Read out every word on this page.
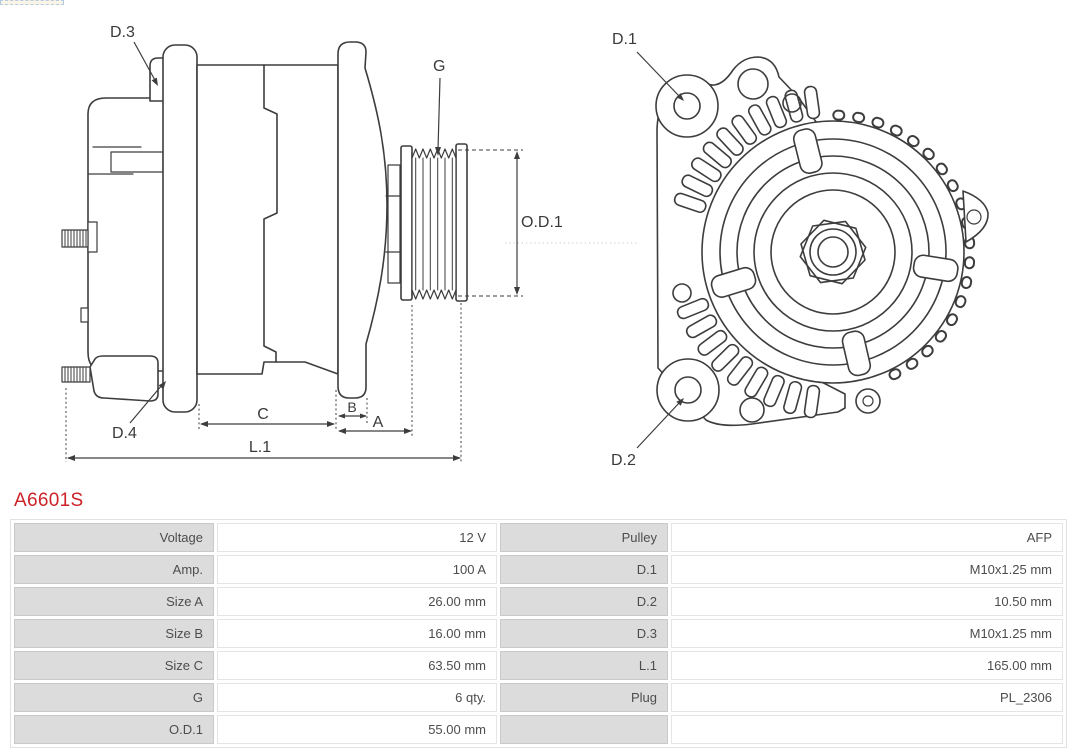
D.3
G
O.D.1
D.4
C	B
A
L.1
D.1
D.2
A6601S
Voltage	12 V	Pulley	AFP
Amp.	100 A	D.1	M10x1.25 mm
Size A	26.00 mm	D.2	10.50 mm
Size B	16.00 mm	D.3	M10x1.25 mm
Size C	63.50 mm	L.1	165.00 mm
G	6 qty.	Plug	PL_2306
O.D.1	55.00 mm		
